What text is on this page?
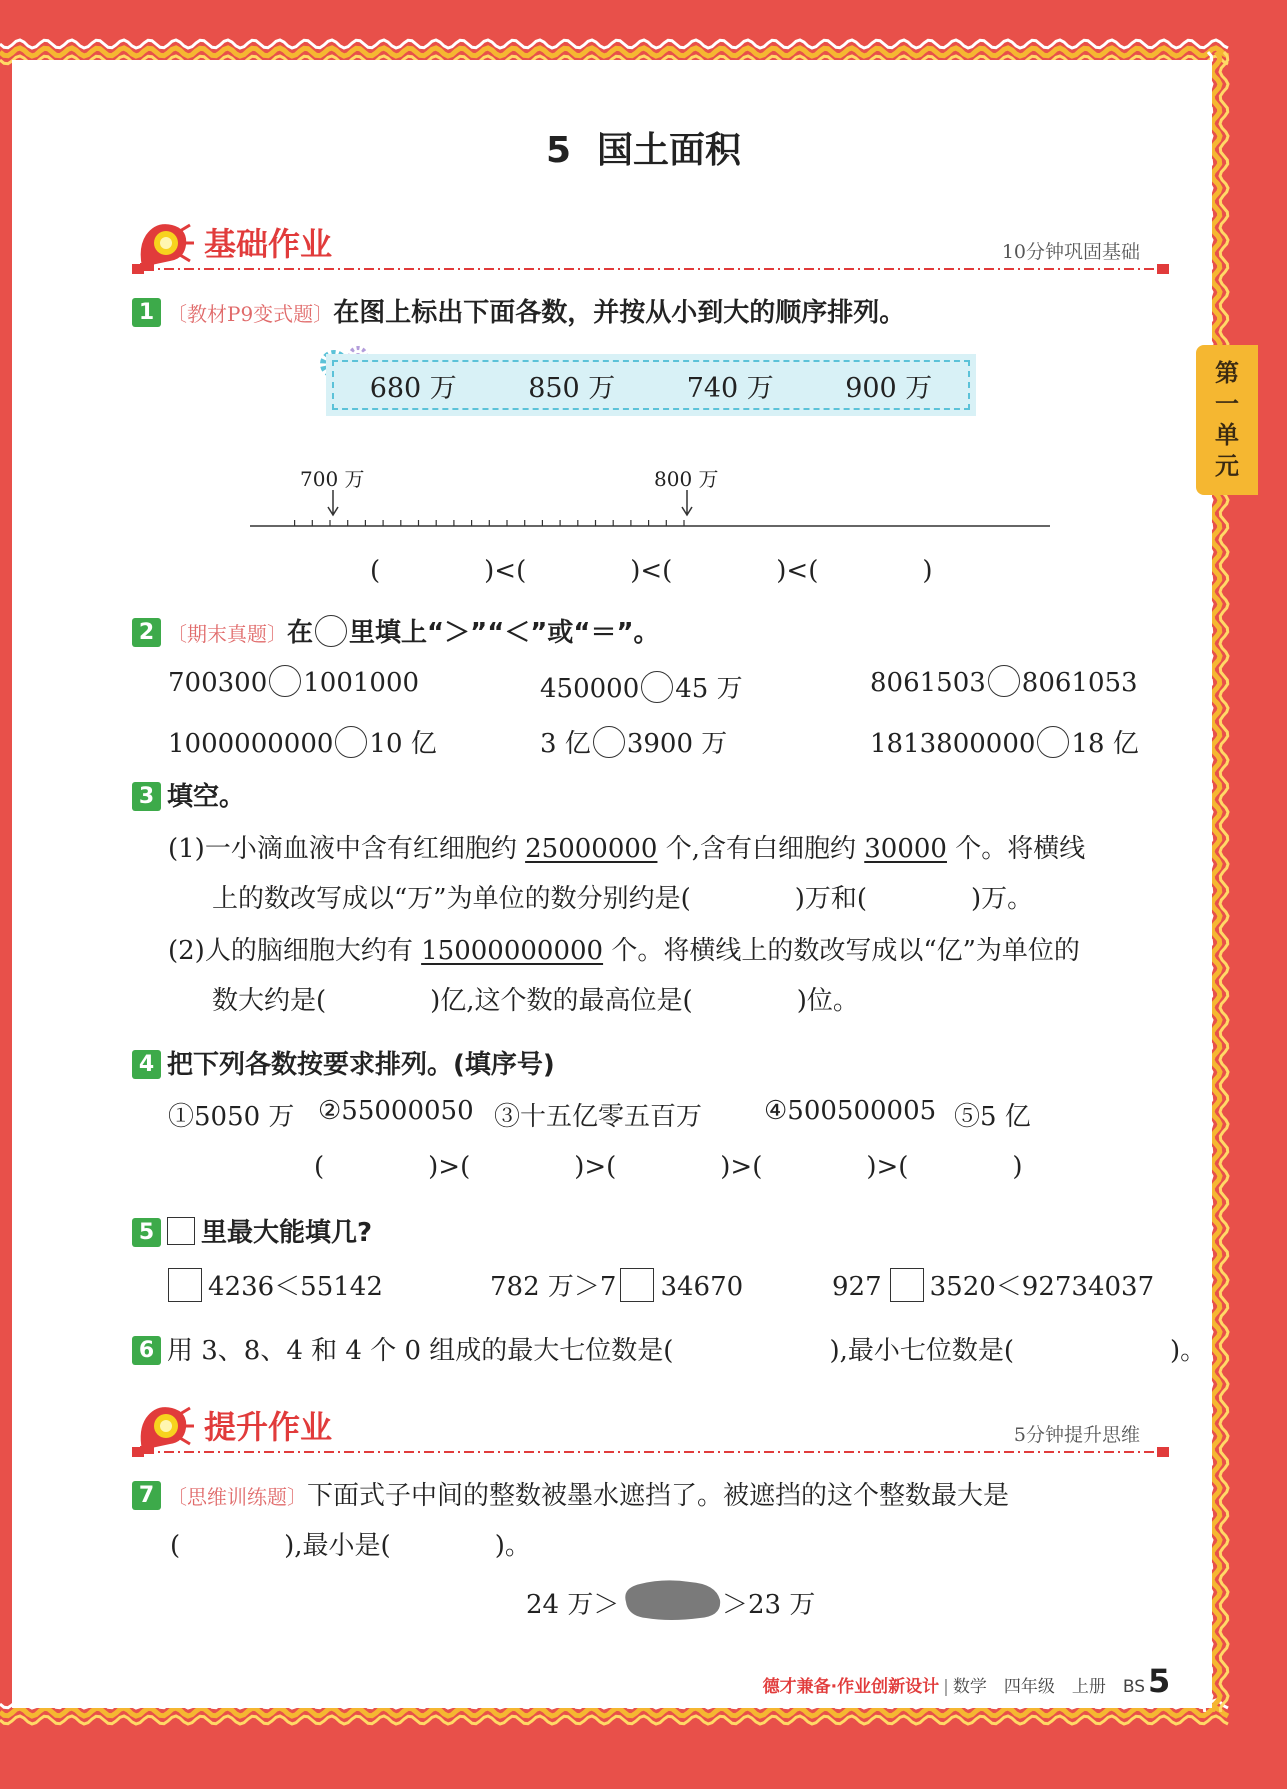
第
一
单
元
5 国土面积
基础作业	10分钟巩固基础
1 〔教材P9变式题〕在图上标出下面各数，并按从小到大的顺序排列。
680 万	850 万	740 万	900 万
700 万	800 万
(　　　　)<(　　　　)<(　　　　)<(　　　　)
2 〔期末真题〕在 里填上“＞”“＜”或“＝”。
700300 1001000	450000 45 万	8061503 8061053
1000000000 10 亿	3 亿 3900 万	1813800000 18 亿
3 填空。
(1)一小滴血液中含有红细胞约 25000000 个,含有白细胞约 30000 个。将横线
上的数改写成以“万”为单位的数分别约是(　　　　)万和(　　　　)万。
(2)人的脑细胞大约有 15000000000 个。将横线上的数改写成以“亿”为单位的
数大约是(　　　　)亿,这个数的最高位是(　　　　)位。
4 把下列各数按要求排列。(填序号)
①5050 万 ②55000050 ③十五亿零五百万 ④500500005 ⑤5 亿
(　　　　)>(　　　　)>(　　　　)>(　　　　)>(　　　　)
5 里最大能填几?
4236＜55142	782 万＞7 34670	927 3520＜92734037
6 用 3、8、4 和 4 个 0 组成的最大七位数是(　　　　　　),最小七位数是(　　　　　　)。
提升作业	5分钟提升思维
7 〔思维训练题〕下面式子中间的整数被墨水遮挡了。被遮挡的这个整数最大是
(　　　　),最小是(　　　　)。
24 万＞	＞23 万
德才兼备·作业创新设计 | 数学　四年级　上册　BS 5
